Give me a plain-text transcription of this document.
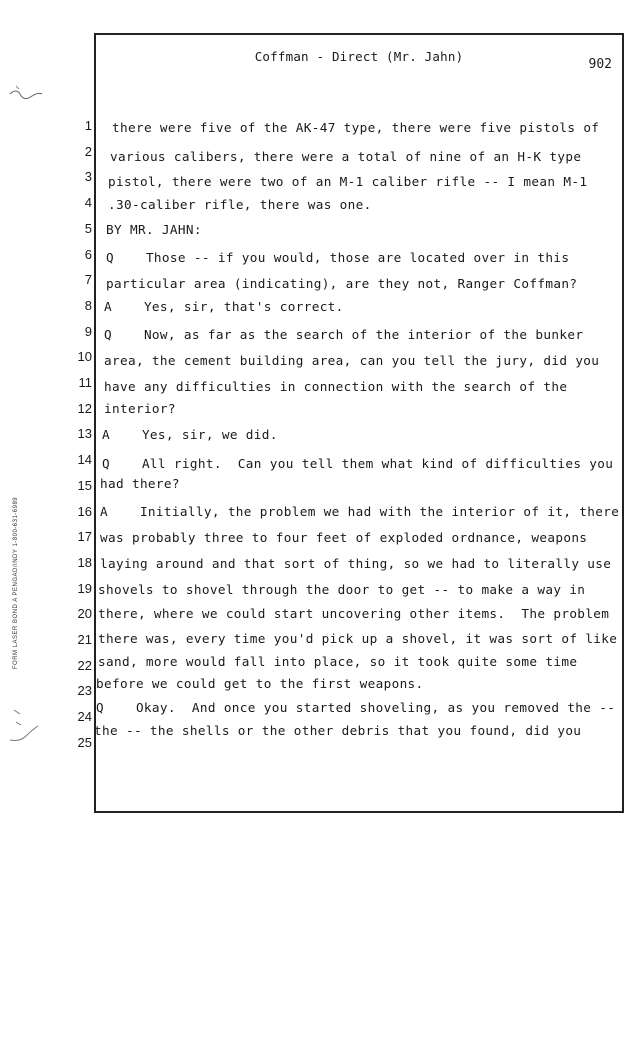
Coffman - Direct (Mr. Jahn)
902
FORM LASER BOND A PENGAD/INDY 1-800-631-6989
1 there were five of the AK-47 type, there were five pistols of
2 various calibers, there were a total of nine of an H-K type
3 pistol, there were two of an M-1 caliber rifle -- I mean M-1
4 .30-caliber rifle, there was one.
5 BY MR. JAHN:
6 Q    Those -- if you would, those are located over in this
7 particular area (indicating), are they not, Ranger Coffman?
8 A    Yes, sir, that's correct.
9 Q    Now, as far as the search of the interior of the bunker
10 area, the cement building area, can you tell the jury, did you
11 have any difficulties in connection with the search of the
12 interior?
13 A    Yes, sir, we did.
14 Q    All right.  Can you tell them what kind of difficulties you
15 had there?
16 A    Initially, the problem we had with the interior of it, there
17 was probably three to four feet of exploded ordnance, weapons
18 laying around and that sort of thing, so we had to literally use
19 shovels to shovel through the door to get -- to make a way in
20 there, where we could start uncovering other items.  The problem
21 there was, every time you'd pick up a shovel, it was sort of like
22 sand, more would fall into place, so it took quite some time
23 before we could get to the first weapons.
24
Q    Okay.  And once you started shoveling, as you removed the --
25
the -- the shells or the other debris that you found, did you
